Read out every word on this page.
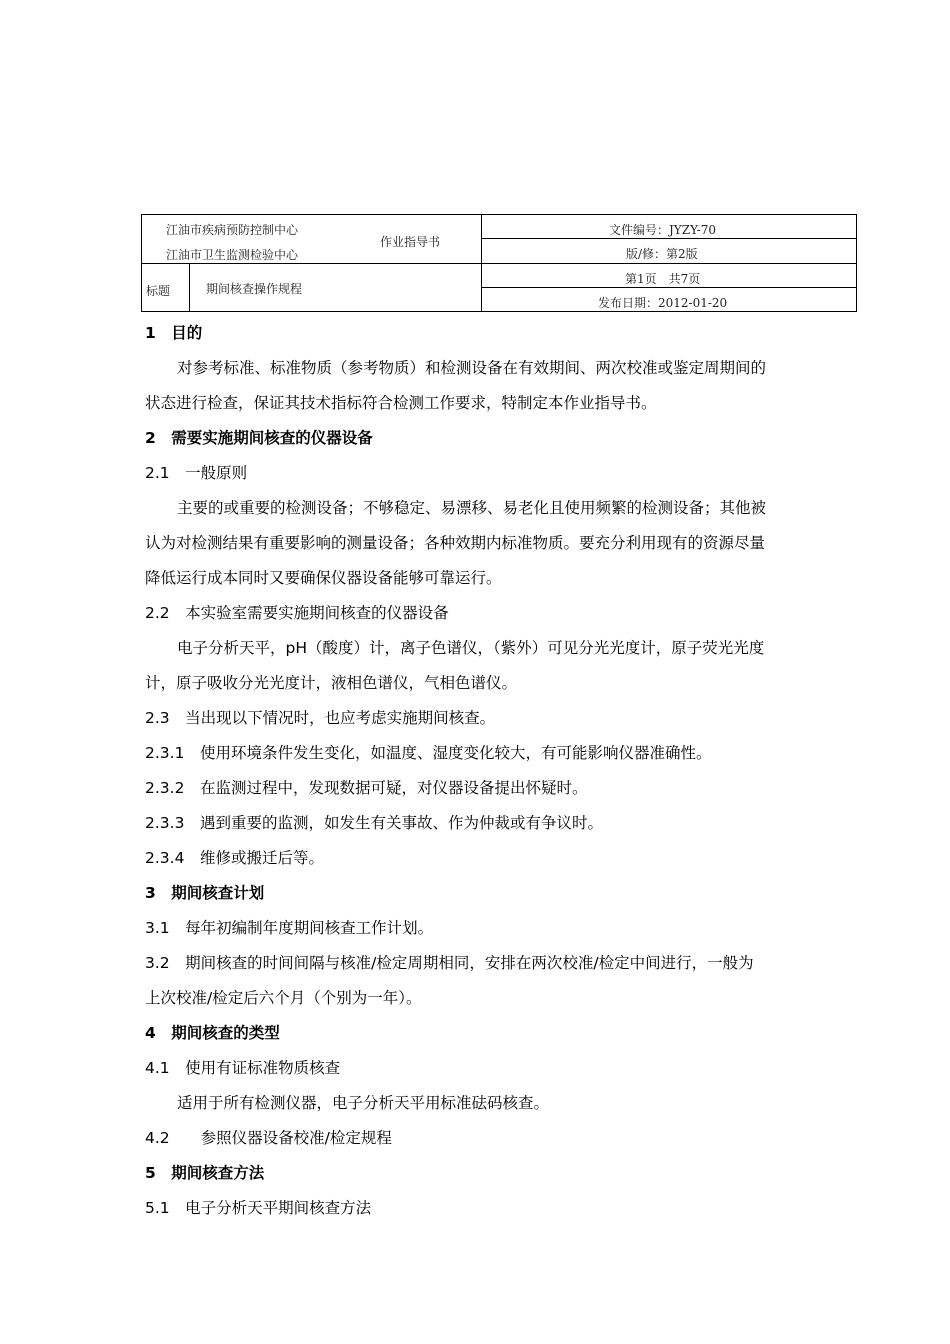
江油市疾病预防控制中心
江油市卫生监测检验中心
作业指导书
文件编号：JYZY-70
版/修：第2版
标题	期间核查操作规程
第1页　共7页
发布日期：2012-01-20
1　目的
对参考标准、标准物质（参考物质）和检测设备在有效期间、两次校准或鉴定周期间的
状态进行检查，保证其技术指标符合检测工作要求，特制定本作业指导书。
2　需要实施期间核查的仪器设备
2.1　一般原则
主要的或重要的检测设备；不够稳定、易漂移、易老化且使用频繁的检测设备；其他被
认为对检测结果有重要影响的测量设备；各种效期内标准物质。要充分利用现有的资源尽量
降低运行成本同时又要确保仪器设备能够可靠运行。
2.2　本实验室需要实施期间核查的仪器设备
电子分析天平，pH（酸度）计，离子色谱仪，（紫外）可见分光光度计，原子荧光光度
计，原子吸收分光光度计，液相色谱仪，气相色谱仪。
2.3　当出现以下情况时，也应考虑实施期间核查。
2.3.1　使用环境条件发生变化，如温度、湿度变化较大，有可能影响仪器准确性。
2.3.2　在监测过程中，发现数据可疑，对仪器设备提出怀疑时。
2.3.3　遇到重要的监测，如发生有关事故、作为仲裁或有争议时。
2.3.4　维修或搬迁后等。
3　期间核查计划
3.1　每年初编制年度期间核查工作计划。
3.2　期间核查的时间间隔与核准/检定周期相同，安排在两次校准/检定中间进行，一般为
上次校准/检定后六个月（个别为一年）。
4　期间核查的类型
4.1　使用有证标准物质核查
适用于所有检测仪器，电子分析天平用标准砝码核查。
4.2　　参照仪器设备校准/检定规程
5　期间核查方法
5.1　电子分析天平期间核查方法
